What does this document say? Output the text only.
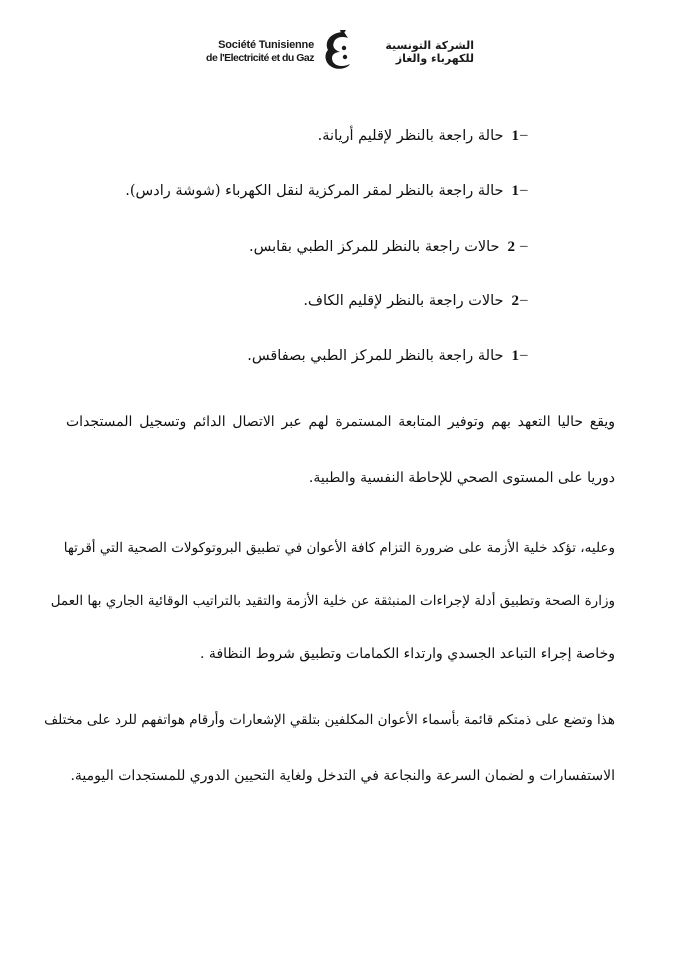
Société Tunisienne
de l'Electricité et du Gaz
الشركة التونسية
للكهرباء والغاز
–
1حالة راجعة بالنظر لإقليم أريانة.
–
1حالة راجعة بالنظر لمقر المركزية لنقل الكهرباء (شوشة رادس).
–
2حالات راجعة بالنظر للمركز الطبي بقابس.
–
2حالات راجعة بالنظر لإقليم الكاف.
–
1حالة راجعة بالنظر للمركز الطبي بصفاقس.
ويقع حاليا التعهد بهم وتوفير المتابعة المستمرة لهم عبر الاتصال الدائم وتسجيل المستجدات
دوريا على المستوى الصحي للإحاطة النفسية والطبية.
وعليه، تؤكد خلية الأزمة على ضرورة التزام كافة الأعوان في تطبيق البروتوكولات الصحية التي أقرتها
وزارة الصحة وتطبيق أدلة لإجراءات المنبثقة عن خلية الأزمة والتقيد بالتراتيب الوقائية الجاري بها العمل
وخاصة إجراء التباعد الجسدي وارتداء الكمامات وتطبيق شروط النظافة .
هذا وتضع على ذمتكم قائمة بأسماء الأعوان المكلفين بتلقي الإشعارات وأرقام هواتفهم للرد على مختلف
الاستفسارات و لضمان السرعة والنجاعة في التدخل ولغاية التحيين الدوري للمستجدات اليومية.
